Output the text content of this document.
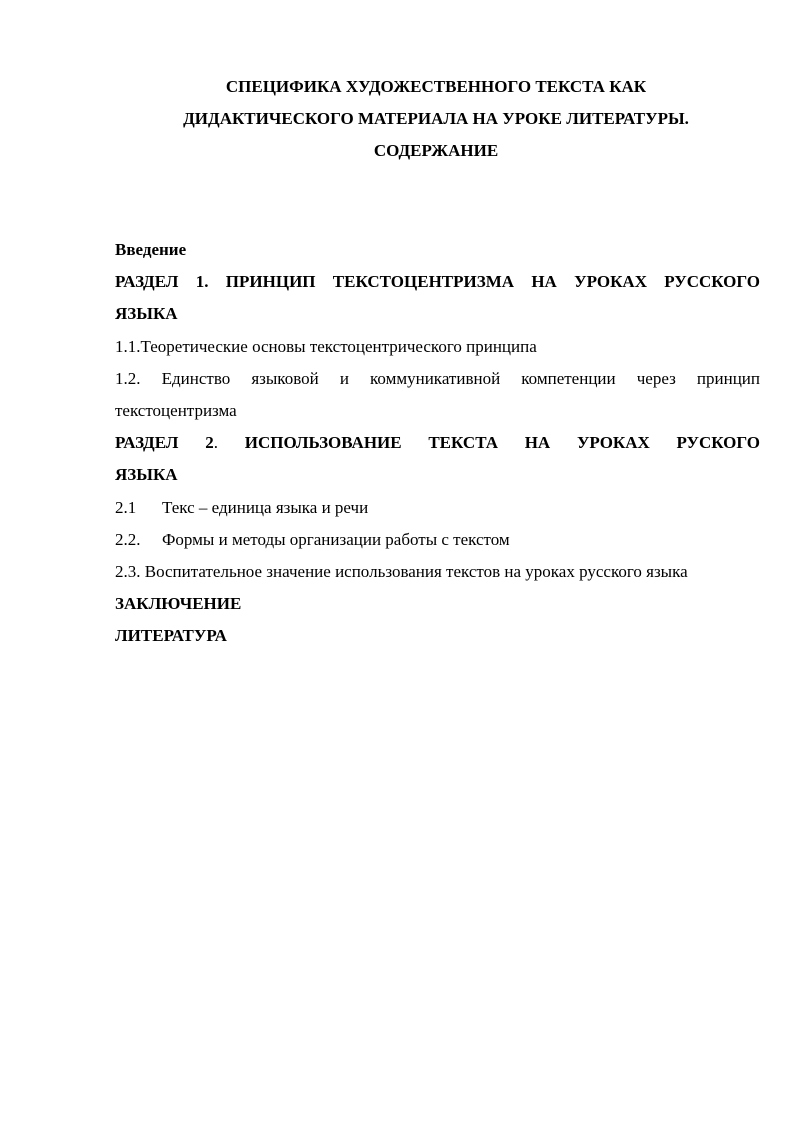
СПЕЦИФИКА ХУДОЖЕСТВЕННОГО ТЕКСТА КАК
ДИДАКТИЧЕСКОГО МАТЕРИАЛА НА УРОКЕ ЛИТЕРАТУРЫ.
СОДЕРЖАНИЕ
Введение
РАЗДЕЛ 1. ПРИНЦИП ТЕКСТОЦЕНТРИЗМА НА УРОКАХ РУССКОГО
ЯЗЫКА
1.1.Теоретические основы текстоцентрического принципа
1.2. Единство языковой и коммуникативной компетенции через принцип
текстоцентризма
РАЗДЕЛ 2. ИСПОЛЬЗОВАНИЕ ТЕКСТА НА УРОКАХ РУСКОГО
ЯЗЫКА
2.1	Текс – единица языка и речи
2.2.	Формы и методы организации работы с текстом
2.3. Воспитательное значение использования текстов на уроках русского языка
ЗАКЛЮЧЕНИЕ
ЛИТЕРАТУРА
